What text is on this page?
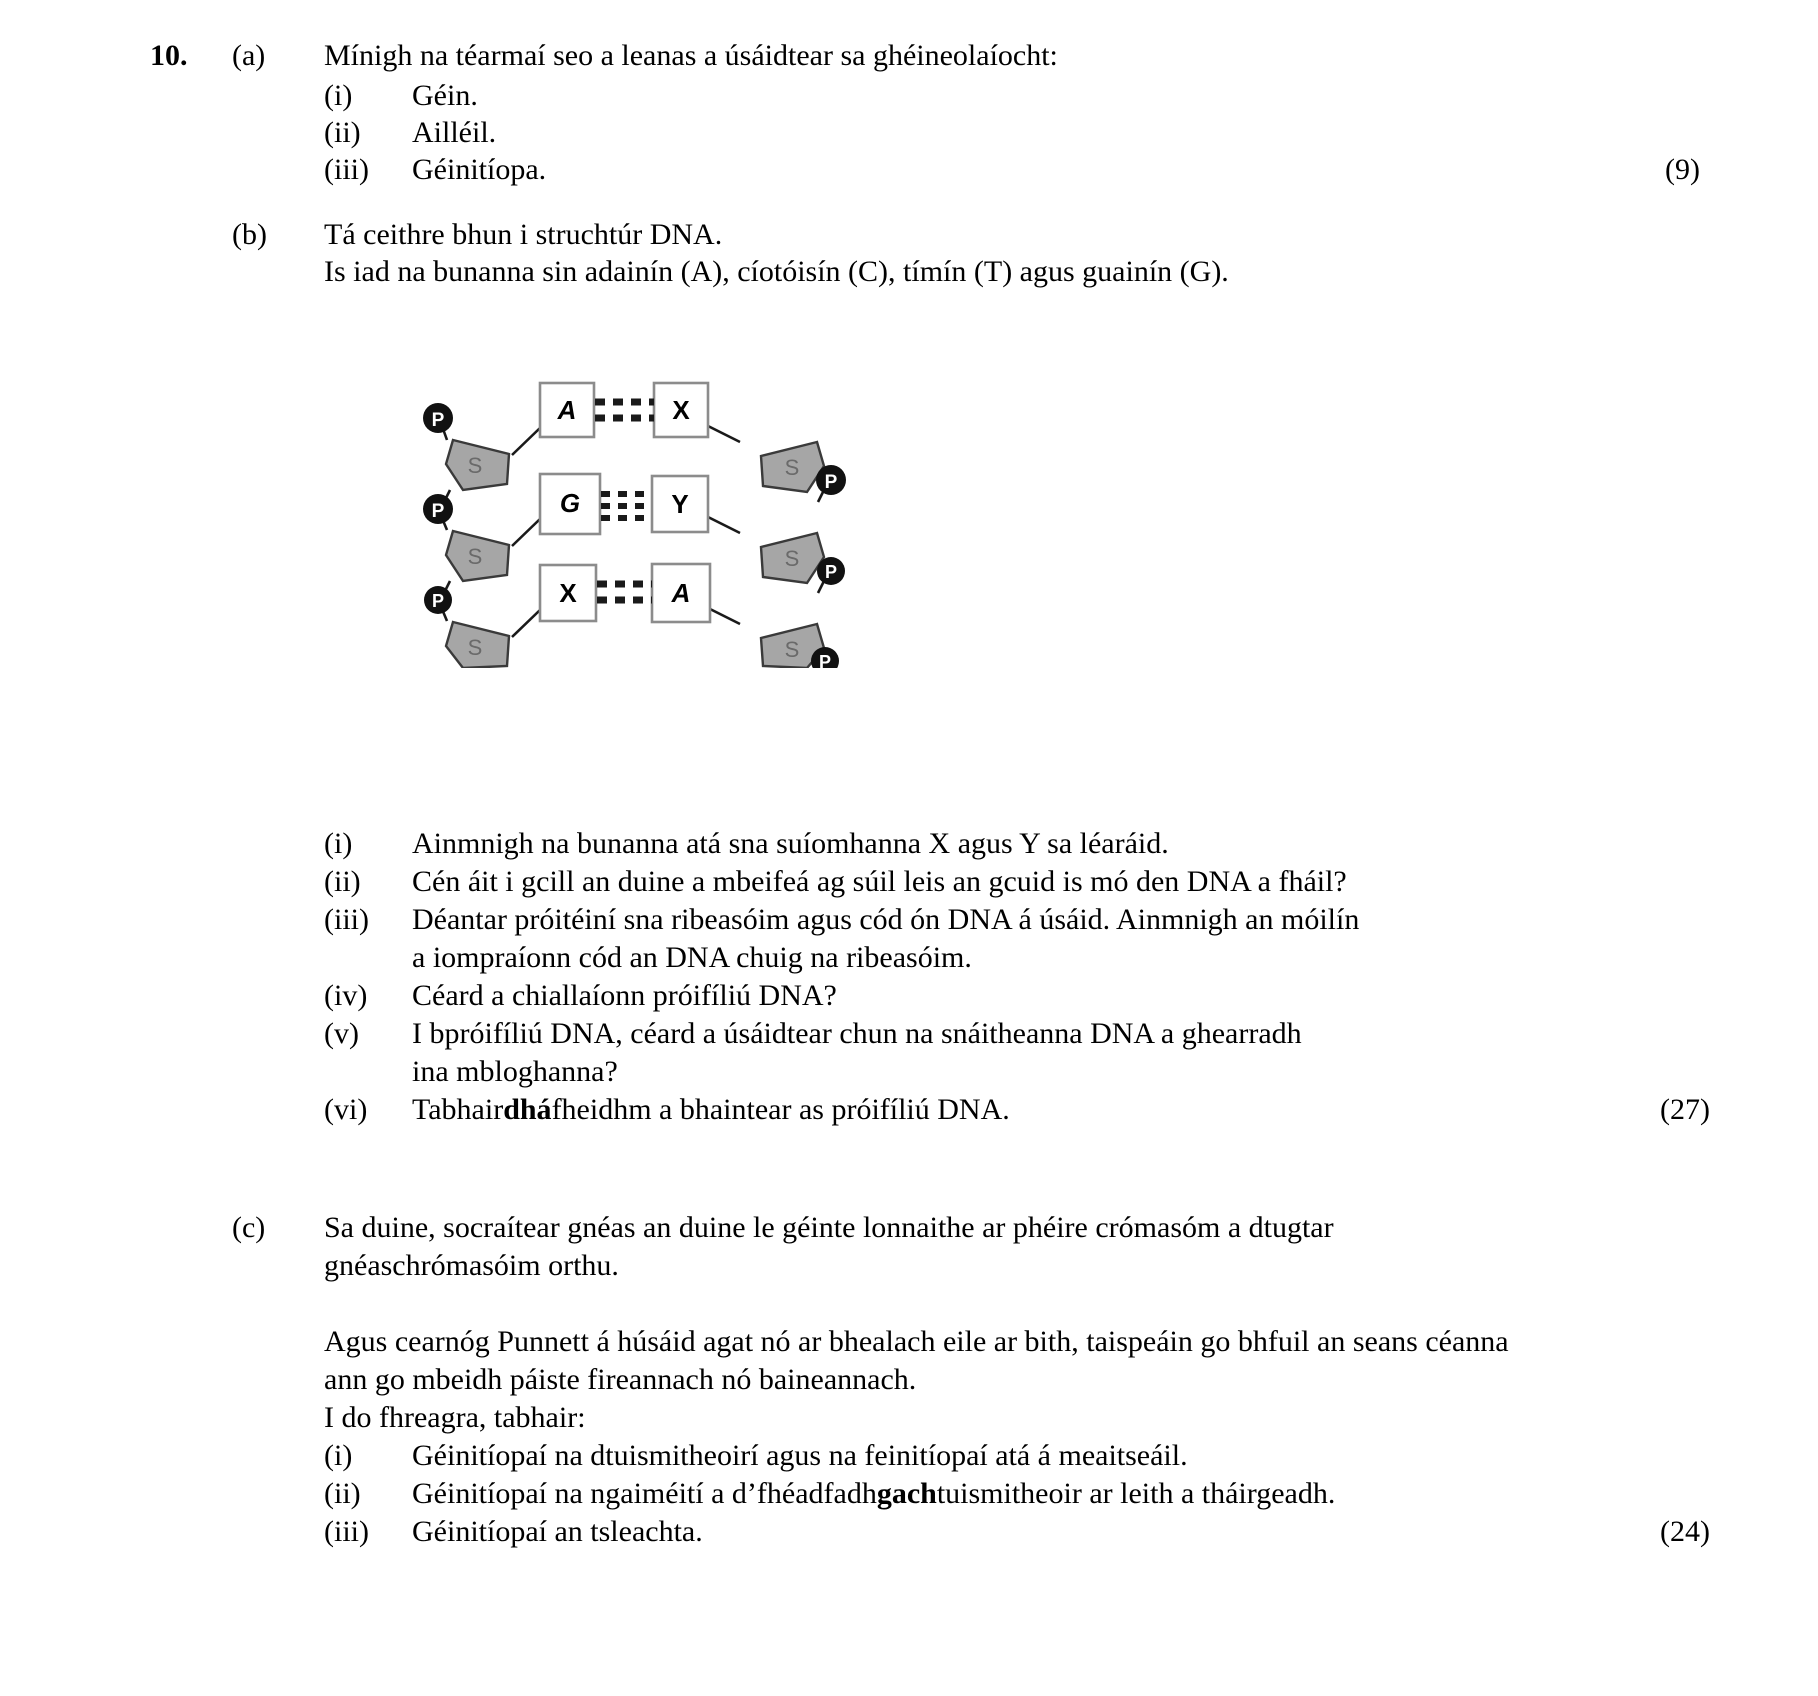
10.	(a)	Mínigh na téarmaí seo a leanas a úsáidtear sa ghéineolaíocht:
(i)	Géin.
(ii)	Ailléil.
(iii)	Géinitíopa.	(9)
(b)	Tá ceithre bhun i struchtúr DNA.
Is iad na bunanna sin adainín (A), cíotóisín (C), tímín (T) agus guainín (G).
P
P
P
S
S
S
S
S
S
P
P
P
A	X
G	Y
X	A
(i)	Ainmnigh na bunanna atá sna suíomhanna X agus Y sa léaráid.
(ii)	Cén áit i gcill an duine a mbeifeá ag súil leis an gcuid is mó den DNA a fháil?
(iii)	Déantar próitéiní sna ribeasóim agus cód ón DNA á úsáid. Ainmnigh an móilín
a iompraíonn cód an DNA chuig na ribeasóim.
(iv)	Céard a chiallaíonn próifíliú DNA?
(v)	I bpróifíliú DNA, céard a úsáidtear chun na snáitheanna DNA a ghearradh
ina mbloghanna?
(vi)	Tabhair dhá fheidhm a bhaintear as próifíliú DNA.	(27)
(c)	Sa duine, socraítear gnéas an duine le géinte lonnaithe ar phéire crómasóm a dtugtar
gnéaschrómasóim orthu.
Agus cearnóg Punnett á húsáid agat nó ar bhealach eile ar bith, taispeáin go bhfuil an seans céanna
ann go mbeidh páiste fireannach nó baineannach.
I do fhreagra, tabhair:
(i)	Géinitíopaí na dtuismitheoirí agus na feinitíopaí atá á meaitseáil.
(ii)	Géinitíopaí na ngaiméití a d’fhéadfadh gach tuismitheoir ar leith a tháirgeadh.
(iii)	Géinitíopaí an tsleachta.	(24)
